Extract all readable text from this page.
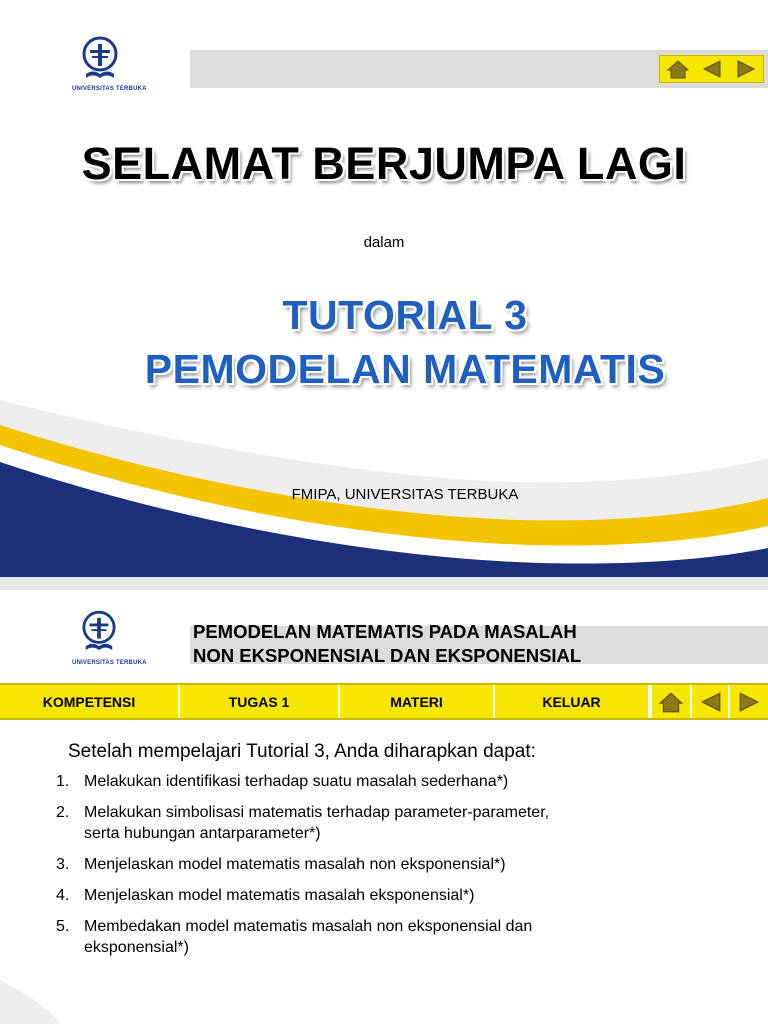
UNIVERSITAS TERBUKA
SELAMAT BERJUMPA LAGI
dalam
TUTORIAL 3
PEMODELAN MATEMATIS
FMIPA, UNIVERSITAS TERBUKA
UNIVERSITAS TERBUKA
PEMODELAN MATEMATIS PADA MASALAH
NON EKSPONENSIAL DAN EKSPONENSIAL
KOMPETENSI	TUGAS 1	MATERI	KELUAR
Setelah mempelajari Tutorial 3, Anda diharapkan dapat:
1. Melakukan identifikasi terhadap suatu masalah sederhana*)
2. Melakukan simbolisasi matematis terhadap parameter-parameter,
serta hubungan antarparameter*)
3. Menjelaskan model matematis masalah non eksponensial*)
4. Menjelaskan model matematis masalah eksponensial*)
5. Membedakan model matematis masalah non eksponensial dan
eksponensial*)
